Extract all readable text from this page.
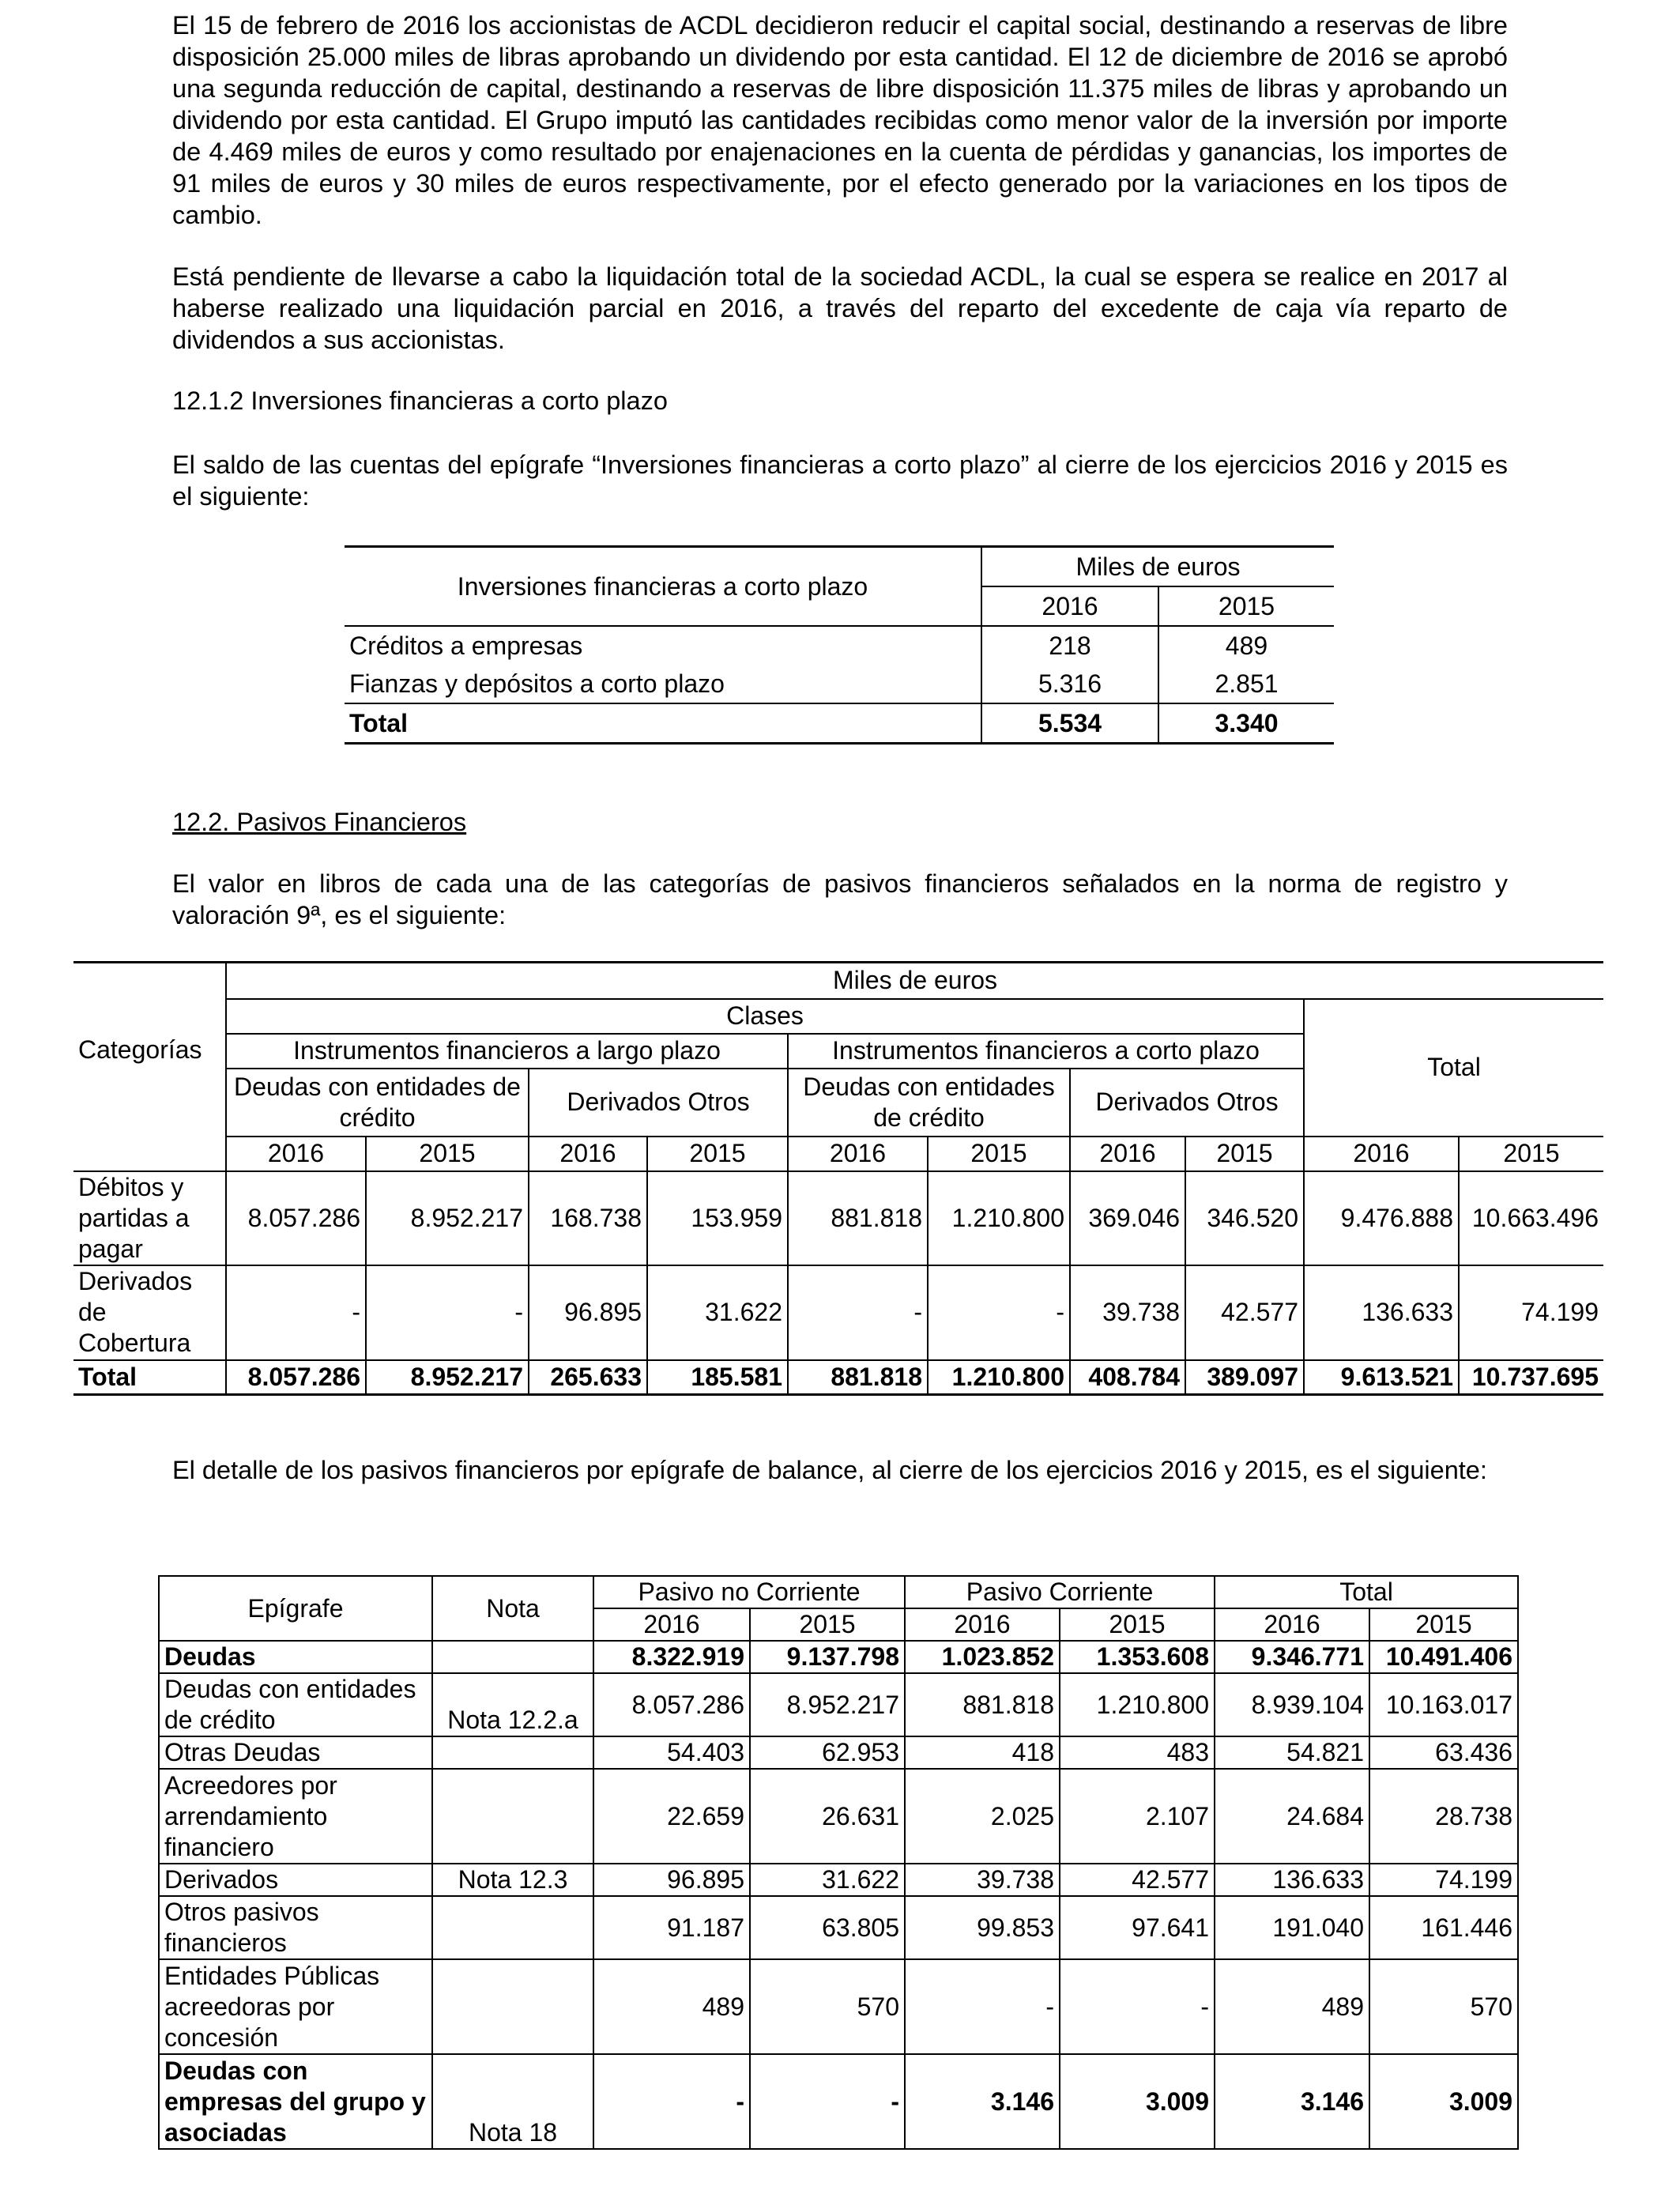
El 15 de febrero de 2016 los accionistas de ACDL decidieron reducir el capital social, destinando a reservas de libre disposición 25.000 miles de libras aprobando un dividendo por esta cantidad. El 12 de diciembre de 2016 se aprobó una segunda reducción de capital, destinando a reservas de libre disposición 11.375 miles de libras y aprobando un dividendo por esta cantidad. El Grupo imputó las cantidades recibidas como menor valor de la inversión por importe de 4.469 miles de euros y como resultado por enajenaciones en la cuenta de pérdidas y ganancias, los importes de 91 miles de euros y 30 miles de euros respectivamente, por el efecto generado por la variaciones en los tipos de cambio.

Está pendiente de llevarse a cabo la liquidación total de la sociedad ACDL, la cual se espera se realice en 2017 al haberse realizado una liquidación parcial en 2016, a través del reparto del excedente de caja vía reparto de dividendos a sus accionistas.

12.1.2 Inversiones financieras a corto plazo

El saldo de las cuentas del epígrafe “Inversiones financieras a corto plazo” al cierre de los ejercicios 2016 y 2015 es el siguiente:

12.2. Pasivos Financieros

El valor en libros de cada una de las categorías de pasivos financieros señalados en la norma de registro y valoración 9ª, es el siguiente:

El detalle de los pasivos financieros por epígrafe de balance, al cierre de los ejercicios 2016 y 2015, es el siguiente:

Inversiones financieras a corto plazo	Miles de euros	
	2016	2015
Créditos a empresas	218	489
Fianzas y depósitos a corto plazo	5.316	2.851
Total	5.534	3.340
Categorías	Miles de euros									
	Clases								Total	
	Instrumentos financieros a largo plazo				Instrumentos financieros a corto plazo					
	Deudas con entidades de crédito		Derivados Otros		Deudas con entidades de crédito		Derivados Otros			
	2016	2015	2016	2015	2016	2015	2016	2015	2016	2015
Débitos y partidas a pagar	8.057.286	8.952.217	168.738	153.959	881.818	1.210.800	369.046	346.520	9.476.888	10.663.496
Derivados de Cobertura	-	-	96.895	31.622	-	-	39.738	42.577	136.633	74.199
Total	8.057.286	8.952.217	265.633	185.581	881.818	1.210.800	408.784	389.097	9.613.521	10.737.695
Epígrafe	Nota	Pasivo no Corriente		Pasivo Corriente		Total	
		2016	2015	2016	2015	2016	2015
Deudas		8.322.919	9.137.798	1.023.852	1.353.608	9.346.771	10.491.406
Deudas con entidades de crédito	Nota 12.2.a	8.057.286	8.952.217	881.818	1.210.800	8.939.104	10.163.017
Otras Deudas		54.403	62.953	418	483	54.821	63.436
Acreedores por arrendamiento financiero		22.659	26.631	2.025	2.107	24.684	28.738
Derivados	Nota 12.3	96.895	31.622	39.738	42.577	136.633	74.199
Otros pasivos financieros		91.187	63.805	99.853	97.641	191.040	161.446
Entidades Públicas acreedoras por concesión		489	570	-	-	489	570
Deudas con empresas del grupo y asociadas	Nota 18	-	-	3.146	3.009	3.146	3.009
